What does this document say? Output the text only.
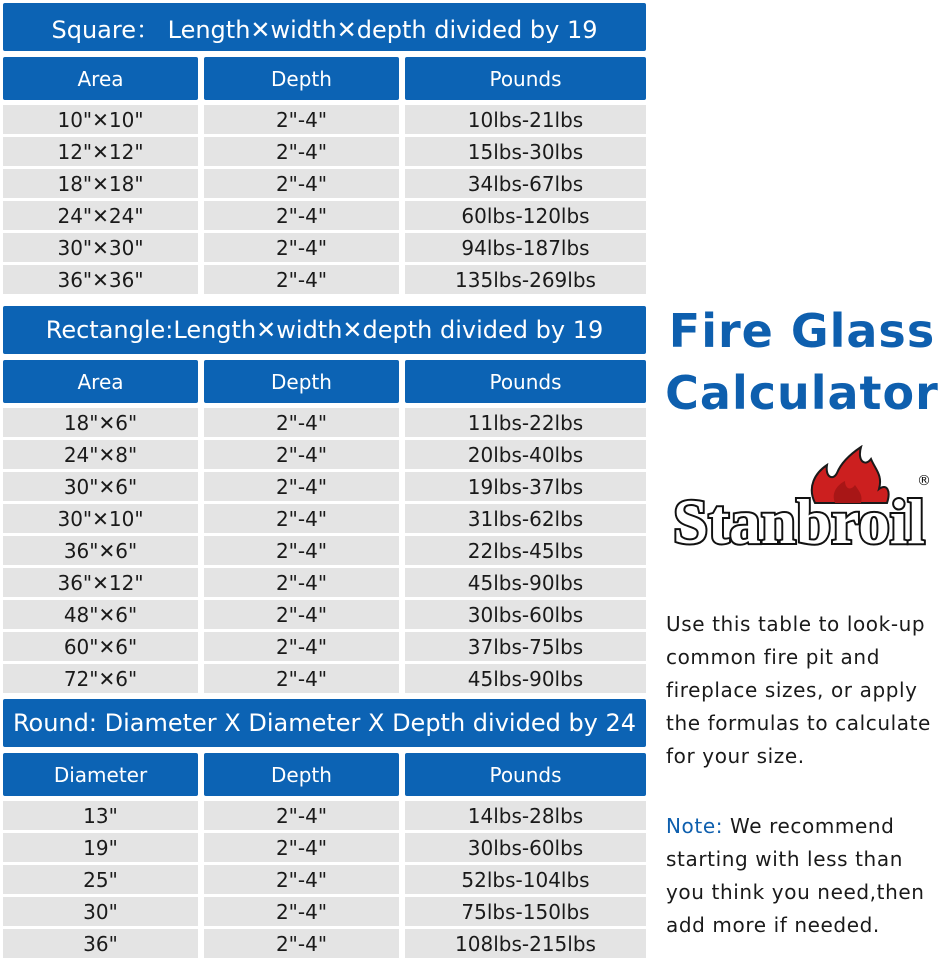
Square： Length✕width✕depth divided by 19
Area	Depth	Pounds
10"✕10"	2"-4"	10lbs-21lbs
12"✕12"	2"-4"	15lbs-30lbs
18"✕18"	2"-4"	34lbs-67lbs
24"✕24"	2"-4"	60lbs-120lbs
30"✕30"	2"-4"	94lbs-187lbs
36"✕36"	2"-4"	135lbs-269lbs
Rectangle:Length✕width✕depth divided by 19
Area	Depth	Pounds
18"✕6"	2"-4"	11lbs-22lbs
24"✕8"	2"-4"	20lbs-40lbs
30"✕6"	2"-4"	19lbs-37lbs
30"✕10"	2"-4"	31lbs-62lbs
36"✕6"	2"-4"	22lbs-45lbs
36"✕12"	2"-4"	45lbs-90lbs
48"✕6"	2"-4"	30lbs-60lbs
60"✕6"	2"-4"	37lbs-75lbs
72"✕6"	2"-4"	45lbs-90lbs
Round: Diameter X Diameter X Depth divided by 24
Diameter	Depth	Pounds
13"	2"-4"	14lbs-28lbs
19"	2"-4"	30lbs-60lbs
25"	2"-4"	52lbs-104lbs
30"	2"-4"	75lbs-150lbs
36"	2"-4"	108lbs-215lbs
Fire Glass
Calculator
Stanbroil
®
Use this table to look-up common fire pit and fireplace sizes, or apply the formulas to calculate for your size.
Note: We recommend starting with less than you think you need,then add more if needed.
